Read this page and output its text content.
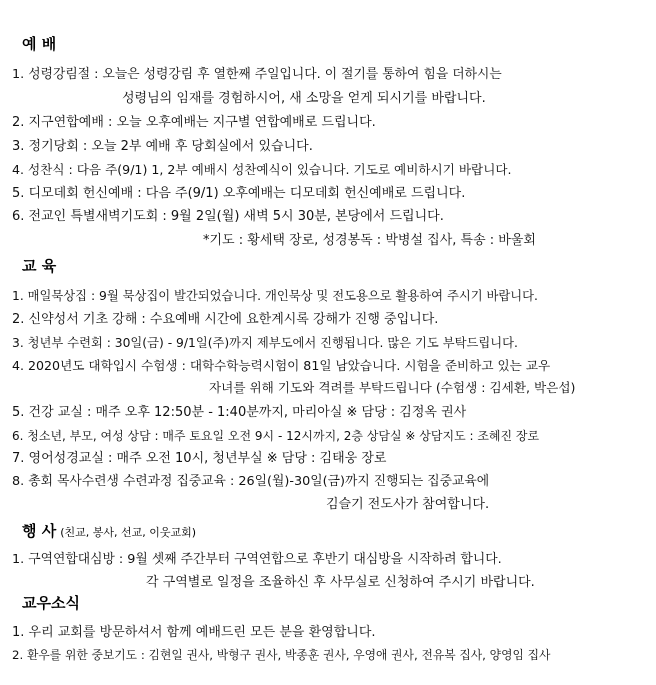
예 배
1. 성령강림절 : 오늘은 성령강림 후 열한째 주일입니다. 이 절기를 통하여 힘을 더하시는
성령님의 임재를 경험하시어, 새 소망을 얻게 되시기를 바랍니다.
2. 지구연합예배 : 오늘 오후예배는 지구별 연합예배로 드립니다.
3. 정기당회 : 오늘 2부 예배 후 당회실에서 있습니다.
4. 성찬식 : 다음 주(9/1) 1, 2부 예배시 성찬예식이 있습니다. 기도로 예비하시기 바랍니다.
5. 디모데회 헌신예배 : 다음 주(9/1) 오후예배는 디모데회 헌신예배로 드립니다.
6. 전교인 특별새벽기도회 : 9월 2일(월) 새벽 5시 30분, 본당에서 드립니다.
*기도 : 황세택 장로, 성경봉독 : 박병설 집사, 특송 : 바울회
교 육
1. 매일묵상집 : 9월 묵상집이 발간되었습니다. 개인묵상 및 전도용으로 활용하여 주시기 바랍니다.
2. 신약성서 기초 강해 : 수요예배 시간에 요한계시록 강해가 진행 중입니다.
3. 청년부 수련회 : 30일(금) - 9/1일(주)까지 제부도에서 진행됩니다. 많은 기도 부탁드립니다.
4. 2020년도 대학입시 수험생 : 대학수학능력시험이 81일 남았습니다. 시험을 준비하고 있는 교우
자녀를 위해 기도와 격려를 부탁드립니다 (수험생 : 김세환, 박은섭)
5. 건강 교실 : 매주 오후 12:50분 - 1:40분까지, 마리아실 ※ 담당 : 김정옥 권사
6. 청소년, 부모, 여성 상담 : 매주 토요일 오전 9시 - 12시까지, 2층 상담실 ※ 상담지도 : 조혜진 장로
7. 영어성경교실 : 매주 오전 10시, 청년부실 ※ 담당 : 김태웅 장로
8. 총회 목사수련생 수련과정 집중교육 : 26일(월)-30일(금)까지 진행되는 집중교육에
김슬기 전도사가 참여합니다.
행 사 (친교, 봉사, 선교, 이웃교회)
1. 구역연합대심방 : 9월 셋째 주간부터 구역연합으로 후반기 대심방을 시작하려 합니다.
각 구역별로 일정을 조율하신 후 사무실로 신청하여 주시기 바랍니다.
교우소식
1. 우리 교회를 방문하셔서 함께 예배드린 모든 분을 환영합니다.
2. 환우를 위한 중보기도 : 김현일 권사, 박형구 권사, 박종훈 권사, 우영애 권사, 전유복 집사, 양영임 집사
